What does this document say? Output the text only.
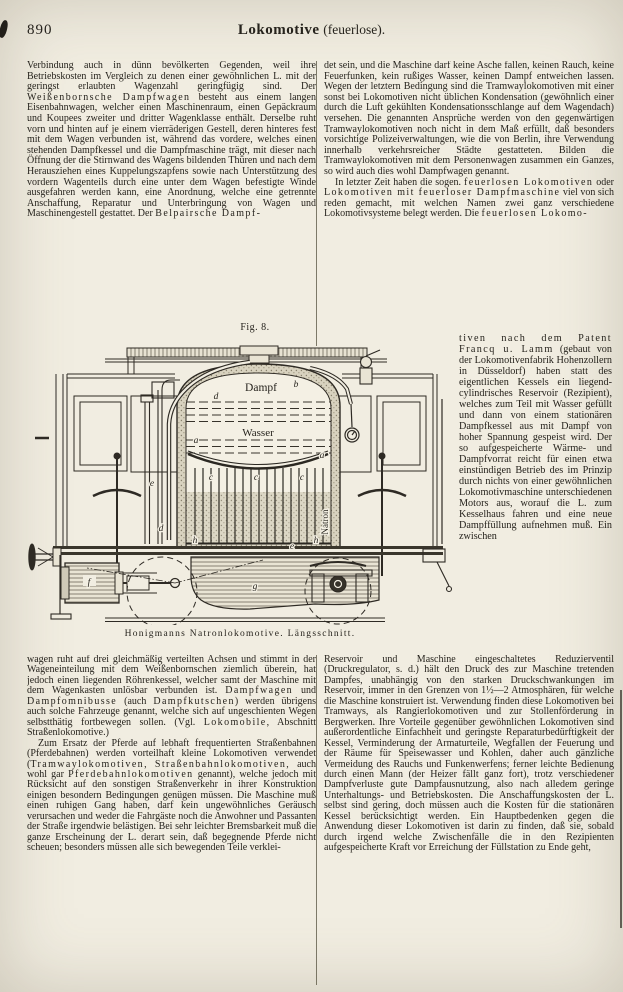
890	Lokomotive (feuerlose).

Verbindung auch in dünn bevölkerten Gegenden, weil ihre Betriebskosten im Vergleich zu denen einer gewöhnlichen L. mit der geringst erlaubten Wagenzahl geringfügig sind. Der Weißenbornsche Dampfwagen besteht aus einem langen Eisenbahnwagen, welcher einen Maschinenraum, einen Gepäckraum und Koupees zweiter und dritter Wagenklasse enthält. Derselbe ruht vorn und hinten auf je einem vierräderigen Gestell, deren hinteres fest mit dem Wagen verbunden ist, während das vordere, welches einen stehenden Dampfkessel und die Dampfmaschine trägt, mit dieser nach Öffnung der die Stirnwand des Wagens bildenden Thüren und nach dem Herausziehen eines Kuppelungszapfens sowie nach Unterstützung des vordern Wagenteils durch eine unter dem Wagen befestigte Winde ausgefahren werden kann, eine Anordnung, welche eine getrennte Anschaffung, Reparatur und Unterbringung von Wagen und Maschinengestell gestattet. Der Belpairsche Dampf-

det sein, und die Maschine darf keine Asche fallen, keinen Rauch, keine Feuerfunken, kein rußiges Wasser, keinen Dampf entweichen lassen. Wegen der letztern Bedingung sind die Tramwaylokomotiven mit einer sonst bei Lokomotiven nicht üblichen Kondensation (gewöhnlich einer durch die Luft gekühlten Kondensationsschlange auf dem Wagendach) versehen. Die genannten Ansprüche werden von den gegenwärtigen Tramwaylokomotiven noch nicht in dem Maß erfüllt, daß besonders vorsichtige Polizeiverwaltungen, wie die von Berlin, ihre Verwendung innerhalb verkehrsreicher Städte gestatteten. Bilden die Tramwaylokomotiven mit dem Personenwagen zusammen ein Ganzes, so wird auch dies wohl Dampfwagen genannt.

In letzter Zeit haben die sogen. feuerlosen Lokomotiven oder Lokomotiven mit feuerloser Dampfmaschine viel von sich reden gemacht, mit welchen Namen zwei ganz verschiedene Lokomotivsysteme belegt werden. Die feuerlosen Lokomo-

tiven nach dem Patent Francq u. Lamm (gebaut von der Lokomotivenfabrik Hohenzollern in Düsseldorf) haben statt des eigentlichen Kessels ein liegend-cylindrisches Reservoir (Rezipient), welches zum Teil mit Wasser gefüllt und dann von einem stationären Dampfkessel aus mit Dampf von hoher Spannung gespeist wird. Der so aufgespeicherte Wärme- und Dampfvorrat reicht für einen etwa einstündigen Betrieb des im Prinzip durch nichts von einer gewöhnlichen Lokomotivmaschine unterschiedenen Motors aus, worauf die L. zum Kesselhaus fahren und eine neue Dampffüllung aufnehmen muß. Ein zwischen

Fig. 8.
Dampf
Wasser
Natron
a
a
b
c	c	c
d
d
e
e
f	g
h	h
Honigmanns Natronlokomotive. Längsschnitt.

wagen ruht auf drei gleichmäßig verteilten Achsen und stimmt in der Wageneinteilung mit dem Weißenbornschen ziemlich überein, hat jedoch einen liegenden Röhrenkessel, welcher samt der Maschine mit dem Wagenkasten unlösbar verbunden ist. Dampfwagen und Dampfomnibusse (auch Dampfkutschen) werden übrigens auch solche Fahrzeuge genannt, welche sich auf ungeschienten Wegen selbstthätig fortbewegen sollen. (Vgl. Lokomobile, Abschnitt Straßenlokomotive.)

Zum Ersatz der Pferde auf lebhaft frequentierten Straßenbahnen (Pferdebahnen) werden vorteilhaft kleine Lokomotiven verwendet (Tramwaylokomotiven, Straßenbahnlokomotiven, auch wohl gar Pferdebahnlokomotiven genannt), welche jedoch mit Rücksicht auf den sonstigen Straßenverkehr in ihrer Konstruktion einigen besondern Bedingungen genügen müssen. Die Maschine muß einen ruhigen Gang haben, darf kein ungewöhnliches Geräusch verursachen und weder die Fahrgäste noch die Anwohner und Passanten der Straße irgendwie belästigen. Bei sehr leichter Bremsbarkeit muß die ganze Erscheinung der L. derart sein, daß begegnende Pferde nicht scheuen; besonders müssen alle sich bewegenden Teile verklei-

Reservoir und Maschine eingeschaltetes Reduzierventil (Druckregulator, s. d.) hält den Druck des zur Maschine tretenden Dampfes, unabhängig von den starken Druckschwankungen im Reservoir, immer in den Grenzen von 1½—2 Atmosphären, für welche die Maschine konstruiert ist. Verwendung finden diese Lokomotiven bei Tramways, als Rangierlokomotiven und zur Stollenförderung in Bergwerken. Ihre Vorteile gegenüber gewöhnlichen Lokomotiven sind außerordentliche Einfachheit und geringste Reparaturbedürftigkeit der Kessel, Verminderung der Armaturteile, Wegfallen der Feuerung und der Räume für Speisewasser und Kohlen, daher auch gänzliche Vermeidung des Rauchs und Funkenwerfens; ferner leichte Bedienung durch einen Mann (der Heizer fällt ganz fort), trotz verschiedener Dampfverluste gute Dampfausnutzung, also nach alledem geringe Unterhaltungs- und Betriebskosten. Die Anschaffungskosten der L. selbst sind gering, doch müssen auch die Kosten für die stationären Kessel berücksichtigt werden. Ein Hauptbedenken gegen die Anwendung dieser Lokomotiven ist darin zu finden, daß sie, sobald durch irgend welche Zwischenfälle die in den Rezipienten aufgespeicherte Kraft vor Erreichung der Füllstation zu Ende geht,
